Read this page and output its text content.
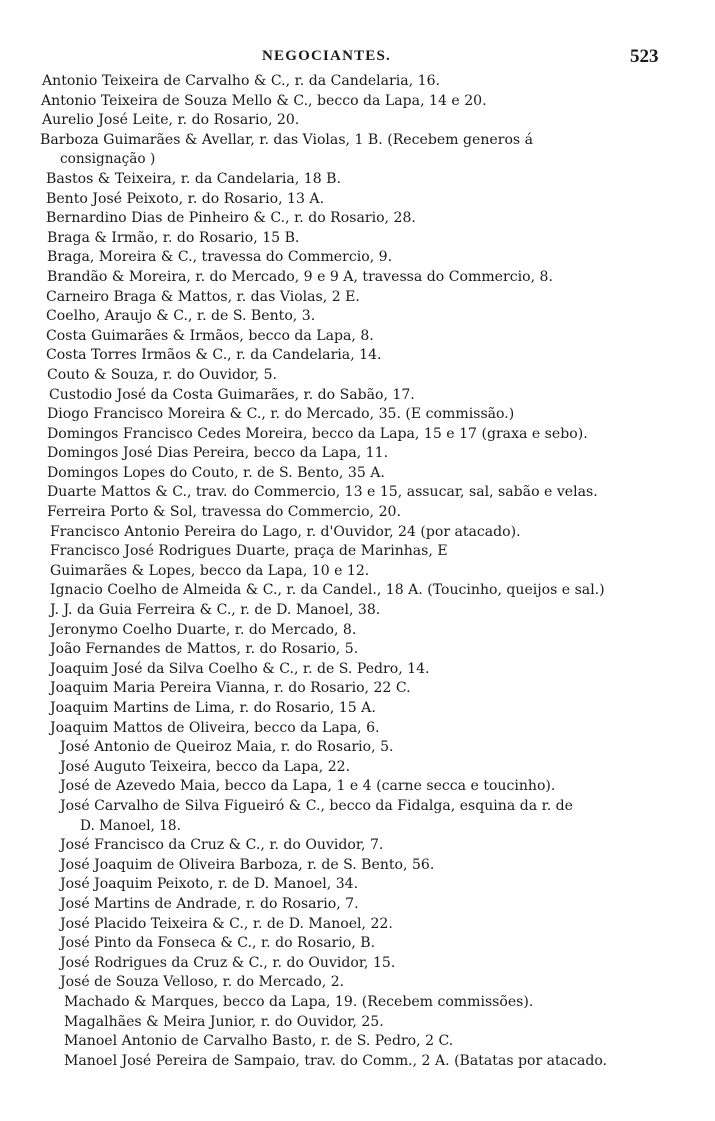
NEGOCIANTES.	523
Antonio Teixeira de Carvalho & C., r. da Candelaria, 16.
Antonio Teixeira de Souza Mello & C., becco da Lapa, 14 e 20.
Aurelio José Leite, r. do Rosario, 20.
Barboza Guimarães & Avellar, r. das Violas, 1 B. (Recebem generos á
consignação )
Bastos & Teixeira, r. da Candelaria, 18 B.
Bento José Peixoto, r. do Rosario, 13 A.
Bernardino Dias de Pinheiro & C., r. do Rosario, 28.
Braga & Irmão, r. do Rosario, 15 B.
Braga, Moreira & C., travessa do Commercio, 9.
Brandão & Moreira, r. do Mercado, 9 e 9 A, travessa do Commercio, 8.
Carneiro Braga & Mattos, r. das Violas, 2 E.
Coelho, Araujo & C., r. de S. Bento, 3.
Costa Guimarães & Irmãos, becco da Lapa, 8.
Costa Torres Irmãos & C., r. da Candelaria, 14.
Couto & Souza, r. do Ouvidor, 5.
Custodio José da Costa Guimarães, r. do Sabão, 17.
Diogo Francisco Moreira & C., r. do Mercado, 35. (E commissão.)
Domingos Francisco Cedes Moreira, becco da Lapa, 15 e 17 (graxa e sebo).
Domingos José Dias Pereira, becco da Lapa, 11.
Domingos Lopes do Couto, r. de S. Bento, 35 A.
Duarte Mattos & C., trav. do Commercio, 13 e 15, assucar, sal, sabão e velas.
Ferreira Porto & Sol, travessa do Commercio, 20.
Francisco Antonio Pereira do Lago, r. d'Ouvidor, 24 (por atacado).
Francisco José Rodrigues Duarte, praça de Marinhas, E
Guimarães & Lopes, becco da Lapa, 10 e 12.
Ignacio Coelho de Almeida & C., r. da Candel., 18 A. (Toucinho, queijos e sal.)
J. J. da Guia Ferreira & C., r. de D. Manoel, 38.
Jeronymo Coelho Duarte, r. do Mercado, 8.
João Fernandes de Mattos, r. do Rosario, 5.
Joaquim José da Silva Coelho & C., r. de S. Pedro, 14.
Joaquim Maria Pereira Vianna, r. do Rosario, 22 C.
Joaquim Martins de Lima, r. do Rosario, 15 A.
Joaquim Mattos de Oliveira, becco da Lapa, 6.
José Antonio de Queiroz Maia, r. do Rosario, 5.
José Auguto Teixeira, becco da Lapa, 22.
José de Azevedo Maia, becco da Lapa, 1 e 4 (carne secca e toucinho).
José Carvalho de Silva Figueiró & C., becco da Fidalga, esquina da r. de
D. Manoel, 18.
José Francisco da Cruz & C., r. do Ouvidor, 7.
José Joaquim de Oliveira Barboza, r. de S. Bento, 56.
José Joaquim Peixoto, r. de D. Manoel, 34.
José Martins de Andrade, r. do Rosario, 7.
José Placido Teixeira & C., r. de D. Manoel, 22.
José Pinto da Fonseca & C., r. do Rosario, B.
José Rodrigues da Cruz & C., r. do Ouvidor, 15.
José de Souza Velloso, r. do Mercado, 2.
Machado & Marques, becco da Lapa, 19. (Recebem commissões).
Magalhães & Meira Junior, r. do Ouvidor, 25.
Manoel Antonio de Carvalho Basto, r. de S. Pedro, 2 C.
Manoel José Pereira de Sampaio, trav. do Comm., 2 A. (Batatas por atacado.
